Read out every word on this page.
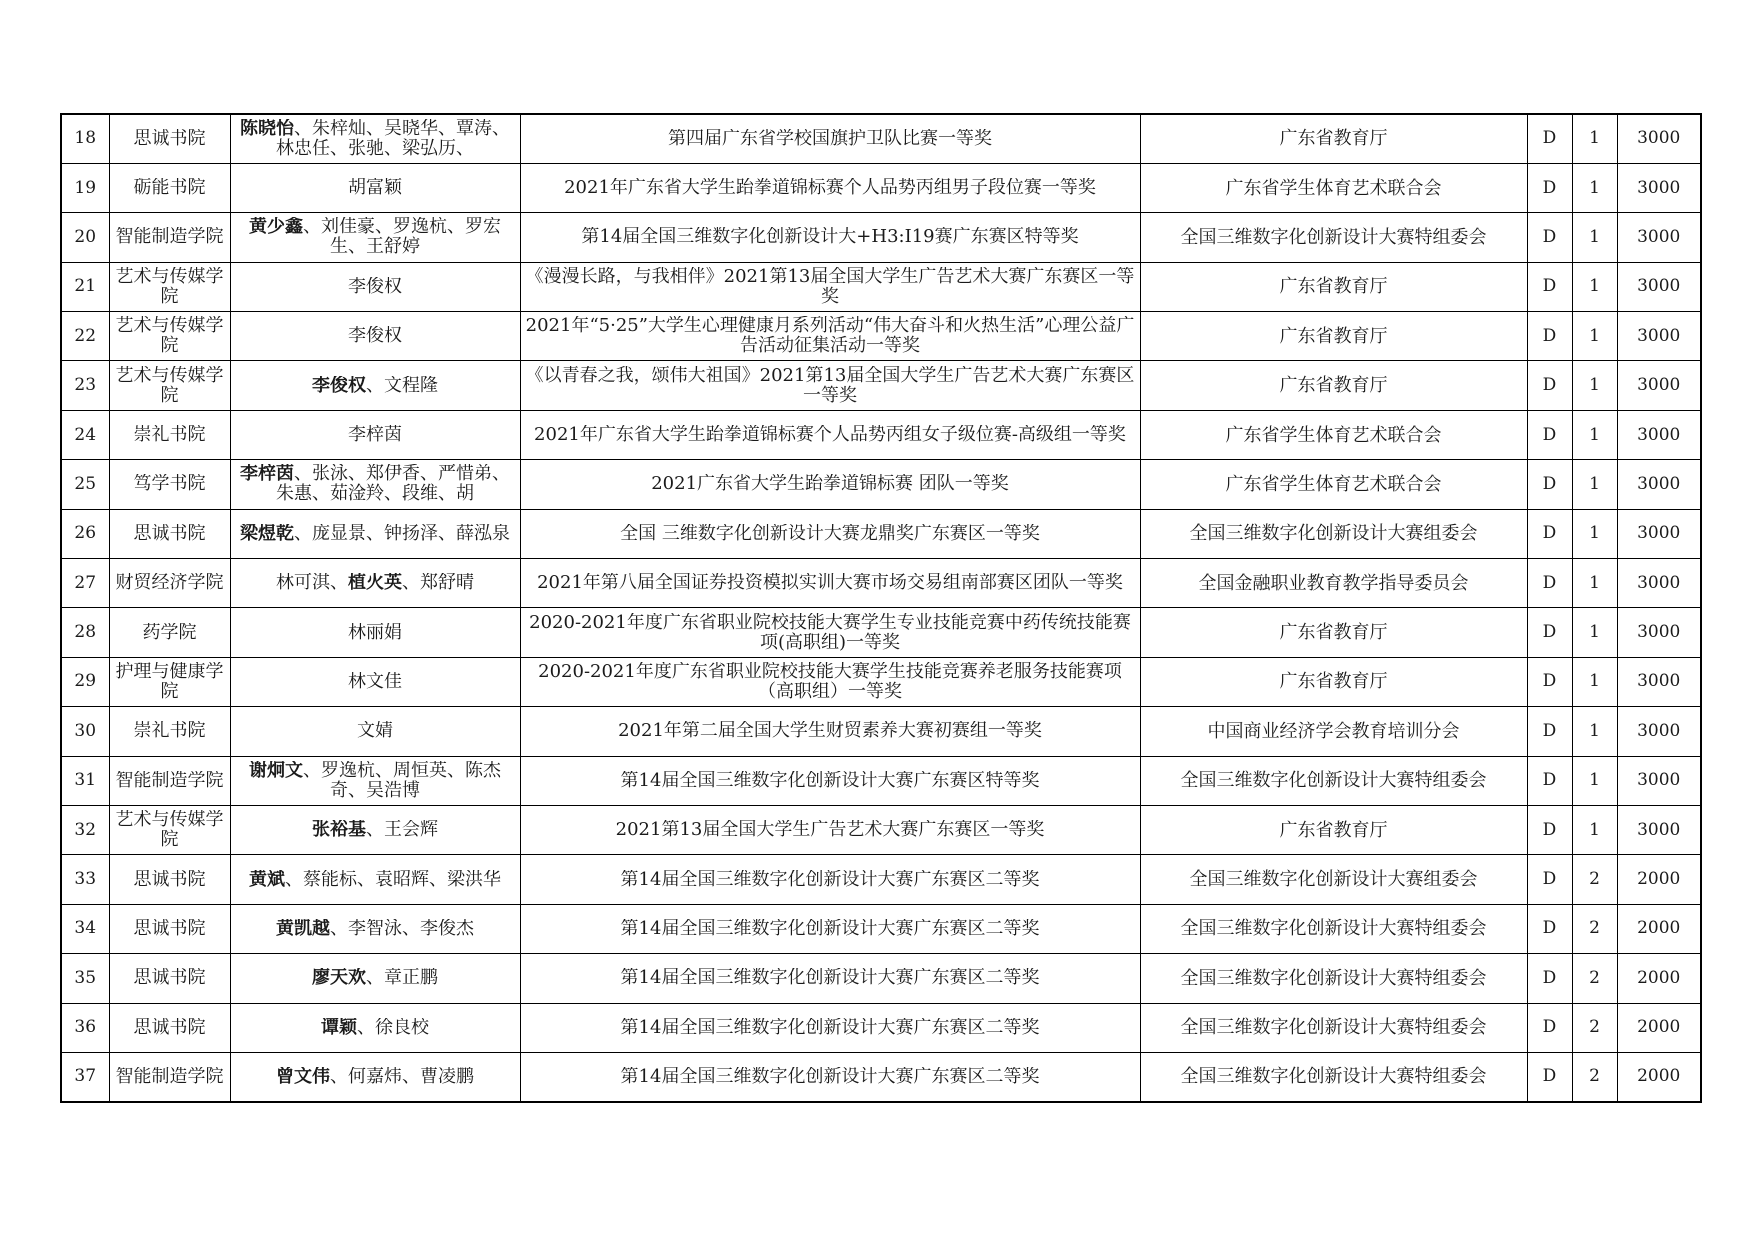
18	思诚书院	陈晓怡、朱梓灿、吴晓华、覃涛、林忠任、张驰、梁弘历、	第四届广东省学校国旗护卫队比赛一等奖	广东省教育厅	D	1	3000
19	砺能书院	胡富颖	2021年广东省大学生跆拳道锦标赛个人品势丙组男子段位赛一等奖	广东省学生体育艺术联合会	D	1	3000
20	智能制造学院	黄少鑫、刘佳豪、罗逸杭、罗宏生、王舒婷	第14届全国三维数字化创新设计大+H3:I19赛广东赛区特等奖	全国三维数字化创新设计大赛特组委会	D	1	3000
21	艺术与传媒学院	李俊权	《漫漫长路，与我相伴》2021第13届全国大学生广告艺术大赛广东赛区一等奖	广东省教育厅	D	1	3000
22	艺术与传媒学院	李俊权	2021年“5·25”大学生心理健康月系列活动“伟大奋斗和火热生活”心理公益广告活动征集活动一等奖	广东省教育厅	D	1	3000
23	艺术与传媒学院	李俊权、文程隆	《以青春之我，颂伟大祖国》2021第13届全国大学生广告艺术大赛广东赛区一等奖	广东省教育厅	D	1	3000
24	崇礼书院	李梓茵	2021年广东省大学生跆拳道锦标赛个人品势丙组女子级位赛-高级组一等奖	广东省学生体育艺术联合会	D	1	3000
25	笃学书院	李梓茵、张泳、郑伊香、严惜弟、朱惠、茹淦羚、段维、胡	2021广东省大学生跆拳道锦标赛 团队一等奖	广东省学生体育艺术联合会	D	1	3000
26	思诚书院	梁煜乾、庞显景、钟扬泽、薛泓泉	全国 三维数字化创新设计大赛龙鼎奖广东赛区一等奖	全国三维数字化创新设计大赛组委会	D	1	3000
27	财贸经济学院	林可淇、植火英、郑舒晴	2021年第八届全国证券投资模拟实训大赛市场交易组南部赛区团队一等奖	全国金融职业教育教学指导委员会	D	1	3000
28	药学院	林丽娟	2020-2021年度广东省职业院校技能大赛学生专业技能竞赛中药传统技能赛项(高职组)一等奖	广东省教育厅	D	1	3000
29	护理与健康学院	林文佳	2020-2021年度广东省职业院校技能大赛学生技能竞赛养老服务技能赛项（高职组）一等奖	广东省教育厅	D	1	3000
30	崇礼书院	文婧	2021年第二届全国大学生财贸素养大赛初赛组一等奖	中国商业经济学会教育培训分会	D	1	3000
31	智能制造学院	谢炯文、罗逸杭、周恒英、陈杰奇、吴浩博	第14届全国三维数字化创新设计大赛广东赛区特等奖	全国三维数字化创新设计大赛特组委会	D	1	3000
32	艺术与传媒学院	张裕基、王会辉	2021第13届全国大学生广告艺术大赛广东赛区一等奖	广东省教育厅	D	1	3000
33	思诚书院	黄斌、蔡能标、袁昭辉、梁洪华	第14届全国三维数字化创新设计大赛广东赛区二等奖	全国三维数字化创新设计大赛组委会	D	2	2000
34	思诚书院	黄凯越、李智泳、李俊杰	第14届全国三维数字化创新设计大赛广东赛区二等奖	全国三维数字化创新设计大赛特组委会	D	2	2000
35	思诚书院	廖天欢、章正鹏	第14届全国三维数字化创新设计大赛广东赛区二等奖	全国三维数字化创新设计大赛特组委会	D	2	2000
36	思诚书院	谭颖、徐良校	第14届全国三维数字化创新设计大赛广东赛区二等奖	全国三维数字化创新设计大赛特组委会	D	2	2000
37	智能制造学院	曾文伟、何嘉炜、曹凌鹏	第14届全国三维数字化创新设计大赛广东赛区二等奖	全国三维数字化创新设计大赛特组委会	D	2	2000
